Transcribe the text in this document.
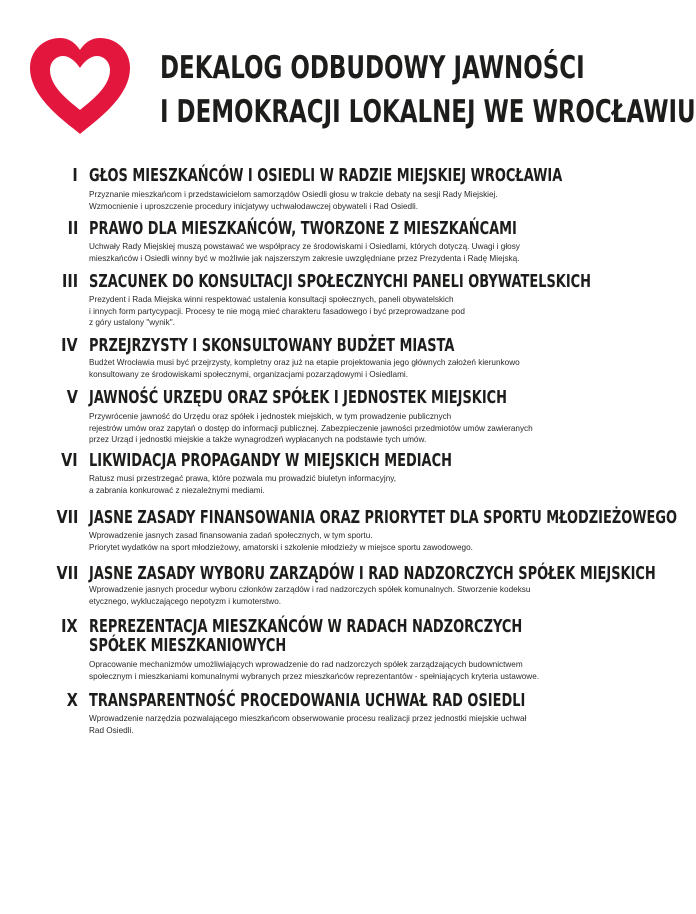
DEKALOG ODBUDOWY JAWNOŚCI
I DEMOKRACJI LOKALNEJ WE WROCŁAWIU
I GŁOS MIESZKAŃCÓW I OSIEDLI W RADZIE MIEJSKIEJ WROCŁAWIA
Przyznanie mieszkańcom i przedstawicielom samorządów Osiedli głosu w trakcie debaty na sesji Rady Miejskiej.
Wzmocnienie i uproszczenie procedury inicjatywy uchwałodawczej obywateli i Rad Osiedli.
II PRAWO DLA MIESZKAŃCÓW, TWORZONE Z MIESZKAŃCAMI
Uchwały Rady Miejskiej muszą powstawać we współpracy ze środowiskami i Osiedlami, których dotyczą. Uwagi i głosy
mieszkańców i Osiedli winny być w możliwie jak najszerszym zakresie uwzględniane przez Prezydenta i Radę Miejską.
III SZACUNEK DO KONSULTACJI SPOŁECZNYCHI PANELI OBYWATELSKICH
Prezydent i Rada Miejska winni respektować ustalenia konsultacji społecznych, paneli obywatelskich
i innych form partycypacji. Procesy te nie mogą mieć charakteru fasadowego i być przeprowadzane pod
z góry ustalony "wynik".
IV PRZEJRZYSTY I SKONSULTOWANY BUDŻET MIASTA
Budżet Wrocławia musi być przejrzysty, kompletny oraz już na etapie projektowania jego głównych założeń kierunkowo
konsultowany ze środowiskami społecznymi, organizacjami pozarządowymi i Osiedlami.
V JAWNOŚĆ URZĘDU ORAZ SPÓŁEK I JEDNOSTEK MIEJSKICH
Przywrócenie jawność do Urzędu oraz spółek i jednostek miejskich, w tym prowadzenie publicznych
rejestrów umów oraz zapytań o dostęp do informacji publicznej. Zabezpieczenie jawności przedmiotów umów zawieranych
przez Urząd i jednostki miejskie a także wynagrodzeń wypłacanych na podstawie tych umów.
VI LIKWIDACJA PROPAGANDY W MIEJSKICH MEDIACH
Ratusz musi przestrzegać prawa, które pozwala mu prowadzić biuletyn informacyjny,
a zabrania konkurować z niezależnymi mediami.
VII JASNE ZASADY FINANSOWANIA ORAZ PRIORYTET DLA SPORTU MŁODZIEŻOWEGO
Wprowadzenie jasnych zasad finansowania zadań społecznych, w tym sportu.
Priorytet wydatków na sport młodzieżowy, amatorski i szkolenie młodzieży w miejsce sportu zawodowego.
VII JASNE ZASADY WYBORU ZARZĄDÓW I RAD NADZORCZYCH SPÓŁEK MIEJSKICH
Wprowadzenie jasnych procedur wyboru członków zarządów i rad nadzorczych spółek komunalnych. Stworzenie kodeksu
etycznego, wykluczającego nepotyzm i kumoterstwo.
IX REPREZENTACJA MIESZKAŃCÓW W RADACH NADZORCZYCH
SPÓŁEK MIESZKANIOWYCH
Opracowanie mechanizmów umożliwiających wprowadzenie do rad nadzorczych spółek zarządzających budownictwem
społecznym i mieszkaniami komunalnymi wybranych przez mieszkańców reprezentantów - spełniających kryteria ustawowe.
X TRANSPARENTNOŚĆ PROCEDOWANIA UCHWAŁ RAD OSIEDLI
Wprowadzenie narzędzia pozwalającego mieszkańcom obserwowanie procesu realizacji przez jednostki miejskie uchwał
Rad Osiedli.
